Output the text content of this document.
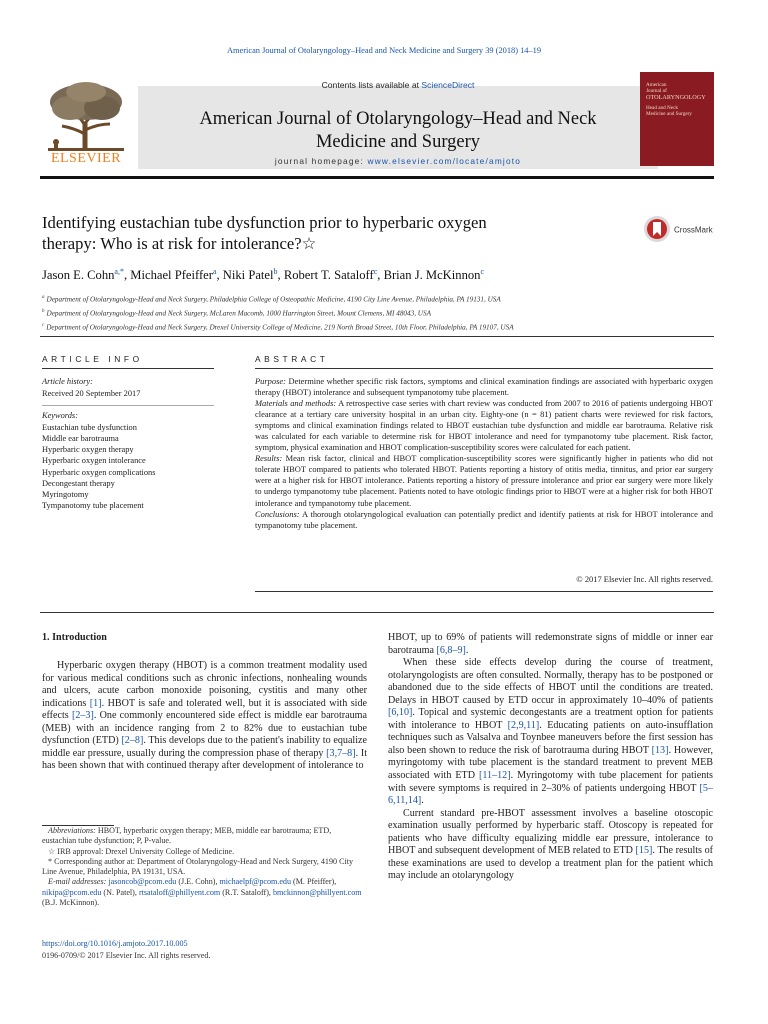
American Journal of Otolaryngology–Head and Neck Medicine and Surgery 39 (2018) 14–19
ELSEVIER
Contents lists available at ScienceDirect
American Journal of Otolaryngology–Head and Neck
Medicine and Surgery
journal homepage: www.elsevier.com/locate/amjoto
American
Journal of
OTOLARYNGOLOGY
Head and Neck
Medicine and Surgery
Identifying eustachian tube dysfunction prior to hyperbaric oxygen
therapy: Who is at risk for intolerance?☆
CrossMark
Jason E. Cohn$^{a,*}$, Michael Pfeiffer$^a$, Niki Patel$^b$, Robert T. Sataloff$^c$, Brian J. McKinnon$^c$
$^a$ Department of Otolaryngology-Head and Neck Surgery, Philadelphia College of Osteopathic Medicine, 4190 City Line Avenue, Philadelphia, PA 19131, USA
$^b$ Department of Otolaryngology-Head and Neck Surgery, McLaren Macomb, 1000 Harrington Street, Mount Clemens, MI 48043, USA
$^c$ Department of Otolaryngology-Head and Neck Surgery, Drexel University College of Medicine, 219 North Broad Street, 10th Floor, Philadelphia, PA 19107, USA
ARTICLE INFO	ABSTRACT
Article history:
Received 20 September 2017
Keywords:
Eustachian tube dysfunction
Middle ear barotrauma
Hyperbaric oxygen therapy
Hyperbaric oxygen intolerance
Hyperbaric oxygen complications
Decongestant therapy
Myringotomy
Tympanotomy tube placement

Purpose: Determine whether specific risk factors, symptoms and clinical examination findings are associated with hyperbaric oxygen therapy (HBOT) intolerance and subsequent tympanotomy tube placement.

Materials and methods: A retrospective case series with chart review was conducted from 2007 to 2016 of patients undergoing HBOT clearance at a tertiary care university hospital in an urban city. Eighty-one (n = 81) patient charts were reviewed for risk factors, symptoms and clinical examination findings related to HBOT eustachian tube dysfunction and middle ear barotrauma. Relative risk was calculated for each variable to determine risk for HBOT intolerance and need for tympanotomy tube placement. Risk factor, symptom, physical examination and HBOT complication-susceptibility scores were calculated for each patient.

Results: Mean risk factor, clinical and HBOT complication-susceptibility scores were significantly higher in patients who did not tolerate HBOT compared to patients who tolerated HBOT. Patients reporting a history of otitis media, tinnitus, and prior ear surgery were at a higher risk for HBOT intolerance. Patients reporting a history of pressure intolerance and prior ear surgery were more likely to undergo tympanotomy tube placement. Patients noted to have otologic findings prior to HBOT were at a higher risk for both HBOT intolerance and tympanotomy tube placement.

Conclusions: A thorough otolaryngological evaluation can potentially predict and identify patients at risk for HBOT intolerance and tympanotomy tube placement.

© 2017 Elsevier Inc. All rights reserved.
1. Introduction

Hyperbaric oxygen therapy (HBOT) is a common treatment modality used for various medical conditions such as chronic infections, nonhealing wounds and ulcers, acute carbon monoxide poisoning, cystitis and many other indications [1]. HBOT is safe and tolerated well, but it is associated with side effects [2–3]. One commonly encountered side effect is middle ear barotrauma (MEB) with an incidence ranging from 2 to 82% due to eustachian tube dysfunction (ETD) [2–8]. This develops due to the patient's inability to equalize middle ear pressure, usually during the compression phase of therapy [3,7–8]. It has been shown that with continued therapy after development of intolerance to

HBOT, up to 69% of patients will redemonstrate signs of middle or inner ear barotrauma [6,8–9].

When these side effects develop during the course of treatment, otolaryngologists are often consulted. Normally, therapy has to be postponed or abandoned due to the side effects of HBOT until the conditions are treated. Delays in HBOT caused by ETD occur in approximately 10–40% of patients [6,10]. Topical and systemic decongestants are a treatment option for patients with intolerance to HBOT [2,9,11]. Educating patients on auto-insufflation techniques such as Valsalva and Toynbee maneuvers before the first session has also been shown to reduce the risk of barotrauma during HBOT [13]. However, myringotomy with tube placement is the standard treatment to prevent MEB associated with ETD [11–12]. Myringotomy with tube placement for patients with severe symptoms is required in 2–30% of patients undergoing HBOT [5–6,11,14].

Current standard pre-HBOT assessment involves a baseline otoscopic examination usually performed by hyperbaric staff. Otoscopy is repeated for patients who have difficulty equalizing middle ear pressure, intolerance to HBOT and subsequent development of MEB related to ETD [15]. The results of these examinations are used to develop a treatment plan for the patient which may include an otolaryngology

Abbreviations: HBOT, hyperbaric oxygen therapy; MEB, middle ear barotrauma; ETD, eustachian tube dysfunction; P, P-value.

☆ IRB approval: Drexel University College of Medicine.

* Corresponding author at: Department of Otolaryngology-Head and Neck Surgery, 4190 City Line Avenue, Philadelphia, PA 19131, USA.

E-mail addresses: jasoncob@pcom.edu (J.E. Cohn), michaelpf@pcom.edu (M. Pfeiffer), nikipa@pcom.edu (N. Patel), rtsataloff@phillyent.com (R.T. Sataloff), bmckinnon@phillyent.com (B.J. McKinnon).

https://doi.org/10.1016/j.amjoto.2017.10.005
0196-0709/© 2017 Elsevier Inc. All rights reserved.
